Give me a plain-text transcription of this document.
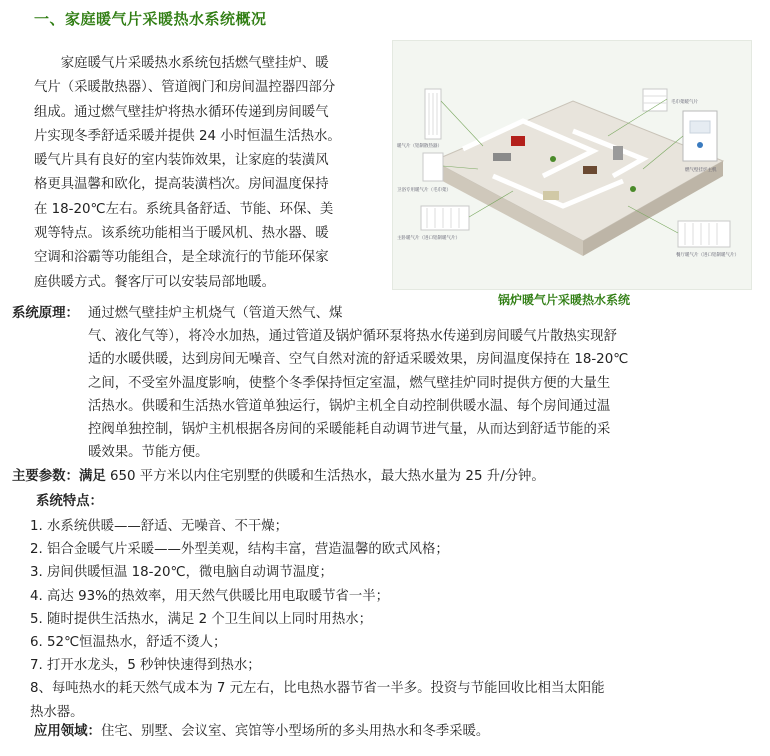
一、家庭暖气片采暖热水系统概况
家庭暖气片采暖热水系统包括燃气壁挂炉、暖
气片（采暖散热器）、管道阀门和房间温控器四部分
组成。通过燃气壁挂炉将热水循环传递到房间暖气
片实现冬季舒适采暖并提供 24 小时恒温生活热水。
暖气片具有良好的室内装饰效果，让家庭的装潢风
格更具温馨和欧化，提高装潢档次。房间温度保持
在 18-20℃左右。系统具备舒适、节能、环保、美
观等特点。该系统功能相当于暖风机、热水器、暖
空调和浴霸等功能组合，是全球流行的节能环保家
庭供暖方式。餐客厅可以安装局部地暖。
毛巾架暖气片
暖气片（铝制散热器）
卫浴专用暖气片（毛巾架）
燃气壁挂炉主机
主卧暖气片（进口铝制暖气片）
餐厅暖气片（进口铝制暖气片）
锅炉暖气片采暖热水系统
系统原理： 通过燃气壁挂炉主机烧气（管道天然气、煤
气、液化气等），将冷水加热，通过管道及锅炉循环泵将热水传递到房间暖气片散热实现舒
适的水暖供暖，达到房间无噪音、空气自然对流的舒适采暖效果，房间温度保持在 18-20℃
之间，不受室外温度影响，使整个冬季保持恒定室温，燃气壁挂炉同时提供方便的大量生
活热水。供暖和生活热水管道单独运行，锅炉主机全自动控制供暖水温、每个房间通过温
控阀单独控制，锅炉主机根据各房间的采暖能耗自动调节进气量，从而达到舒适节能的采
暖效果。节能方便。
主要参数：满足 650 平方米以内住宅别墅的供暖和生活热水，最大热水量为 25 升/分钟。
系统特点：
1. 水系统供暖——舒适、无噪音、不干燥；
2. 铝合金暖气片采暖——外型美观，结构丰富，营造温馨的欧式风格；
3. 房间供暖恒温 18-20℃，微电脑自动调节温度；
4. 高达 93%的热效率，用天然气供暖比用电取暖节省一半；
5. 随时提供生活热水，满足 2 个卫生间以上同时用热水；
6. 52℃恒温热水，舒适不烫人；
7. 打开水龙头，5 秒钟快速得到热水；
8、每吨热水的耗天然气成本为 7 元左右，比电热水器节省一半多。投资与节能回收比相当太阳能
热水器。
应用领域：住宅、别墅、会议室、宾馆等小型场所的多头用热水和冬季采暖。
